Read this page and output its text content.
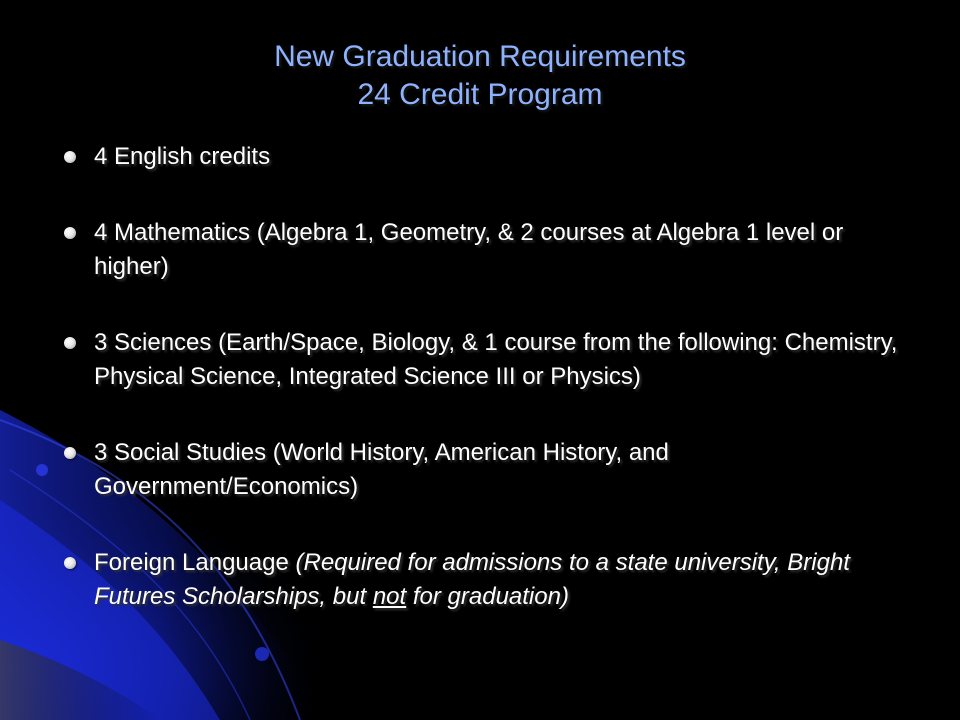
New Graduation Requirements
24 Credit Program
4 English credits
4 Mathematics (Algebra 1, Geometry, & 2 courses at Algebra 1 level or higher)
3 Sciences (Earth/Space, Biology, & 1 course from the following: Chemistry, Physical Science, Integrated Science III or Physics)
3 Social Studies (World History, American History, and Government/Economics)
Foreign Language (Required for admissions to a state university, Bright Futures Scholarships, but not for graduation)
